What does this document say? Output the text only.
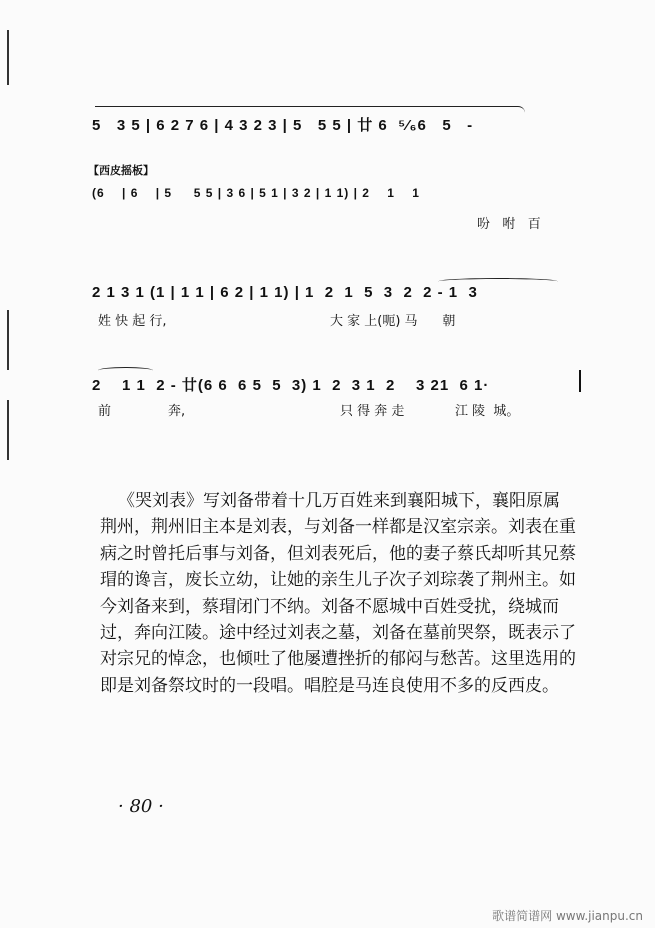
5   3 5 | 6 2 7 6 | 4 3 2 3 | 5   5 5 | 廿 6  ⁵⁄₆6   5   -
【西皮摇板】
(6    | 6    | 5     5 5 | 3 6 | 5 1 | 3 2 | 1 1) | 2    1    1
吩   咐   百
2 1 3 1 (1 | 1 1 | 6 2 | 1 1) | 1  2  1  5  3  2  2 - 1  3
姓 快 起 行,	大 家 上(呃) 马      朝
2    1 1  2 - 廿(6 6  6 5  5  3) 1  2  3 1  2    3 21  6 1·
前	奔,	只 得 奔 走	江 陵  城。

《哭刘表》写刘备带着十几万百姓来到襄阳城下，襄阳原属

荆州，荆州旧主本是刘表，与刘备一样都是汉室宗亲。刘表在重

病之时曾托后事与刘备，但刘表死后，他的妻子蔡氏却听其兄蔡

瑁的谗言，废长立幼，让她的亲生儿子次子刘琮袭了荆州主。如

今刘备来到，蔡瑁闭门不纳。刘备不愿城中百姓受扰，绕城而

过，奔向江陵。途中经过刘表之墓，刘备在墓前哭祭，既表示了

对宗兄的悼念，也倾吐了他屡遭挫折的郁闷与愁苦。这里选用的

即是刘备祭坟时的一段唱。唱腔是马连良使用不多的反西皮。

· 80 ·
歌谱简谱网 www.jianpu.cn
